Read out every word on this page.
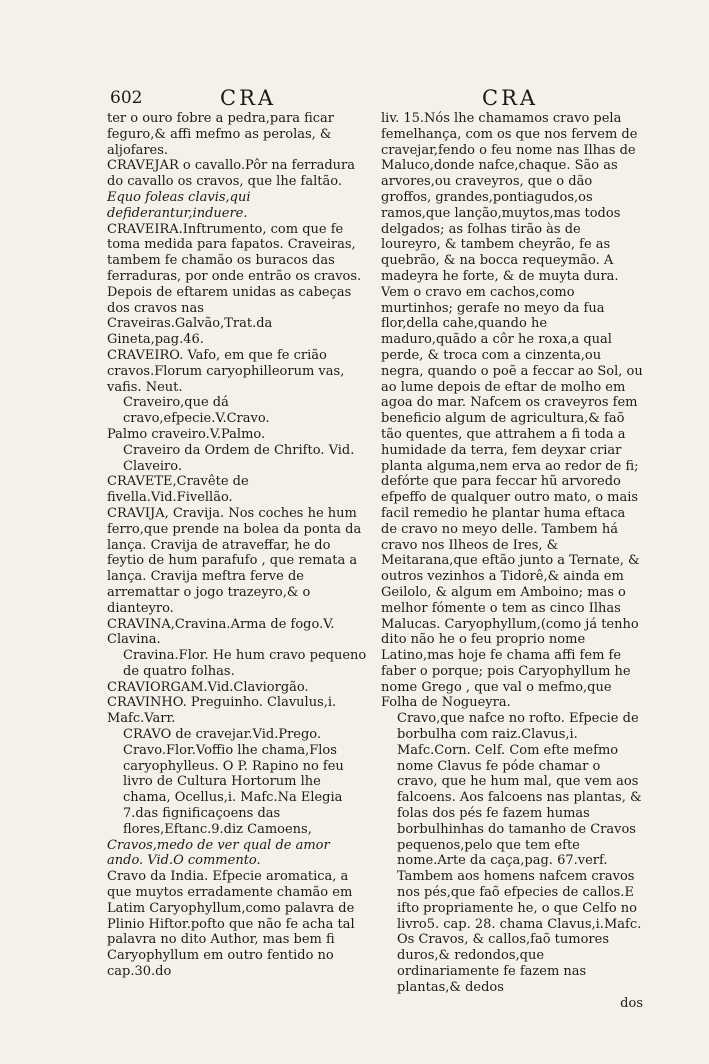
602	CRA	CRA
ter o ouro fobre a pedra,para ficar feguro,& affi mefmo as perolas, & aljofares.
CRAVEJAR o cavallo.Pôr na ferradura do cavallo os cravos, que lhe faltão.
Equo foleas clavis,qui defiderantur,induere.
CRAVEIRA.Inftrumento, com que fe toma medida para fapatos. Craveiras, tambem fe chamão os buracos das ferraduras, por onde entrão os cravos. Depois de eftarem unidas as cabeças dos cravos nas Craveiras.Galvão,Trat.da Gineta,pag.46.
CRAVEIRO. Vafo, em que fe crião cravos.Florum caryophilleorum vas, vafis. Neut.
Craveiro,que dá cravo,efpecie.V.Cravo.
Palmo craveiro.V.Palmo.
Craveiro da Ordem de Chrifto. Vid. Claveiro.
CRAVETE,Cravête de fivella.Vid.Fivellão.
CRAVIJA, Cravija. Nos coches he hum ferro,que prende na bolea da ponta da lança. Cravija de atraveffar, he do feytio de hum parafufo , que remata a lança. Cravija meftra ferve de arremattar o jogo trazeyro,& o dianteyro.
CRAVINA,Cravina.Arma de fogo.V. Clavina.
Cravina.Flor. He hum cravo pequeno de quatro folhas.
CRAVIORGAM.Vid.Claviorgão.
CRAVINHO. Preguinho. Clavulus,i. Mafc.Varr.
CRAVO de cravejar.Vid.Prego.
Cravo.Flor.Voffio lhe chama,Flos caryophylleus. O P. Rapino no feu livro de Cultura Hortorum lhe chama, Ocellus,i. Mafc.Na Elegia 7.das fignificaçoens das flores,Eftanc.9.diz Camoens,
Cravos,medo de ver qual de amor ando. Vid.O commento.
Cravo da India. Efpecie aromatica, a que muytos erradamente chamão em Latim Caryophyllum,como palavra de Plinio Hiftor.pofto que não fe acha tal palavra no dito Author, mas bem fi Caryophyllum em outro fentido no cap.30.do
liv. 15.Nós lhe chamamos cravo pela femelhança, com os que nos fervem de cravejar,fendo o feu nome nas Ilhas de Maluco,donde nafce,chaque. São as arvores,ou craveyros, que o dão groffos, grandes,pontiagudos,os ramos,que lanção,muytos,mas todos delgados; as folhas tirão às de loureyro, & tambem cheyrão, fe as quebrão, & na bocca requeymão. A madeyra he forte, & de muyta dura. Vem o cravo em cachos,como murtinhos; gerafe no meyo da fua flor,della cahe,quando he maduro,quãdo a côr he roxa,a qual perde, & troca com a cinzenta,ou negra, quando o poẽ a feccar ao Sol, ou ao lume depois de eftar de molho em agoa do mar. Nafcem os craveyros fem beneficio algum de agricultura,& faõ tão quentes, que attrahem a fi toda a humidade da terra, fem deyxar criar planta alguma,nem erva ao redor de fi; defórte que para feccar hũ arvoredo efpeffo de qualquer outro mato, o mais facil remedio he plantar huma eftaca de cravo no meyo delle. Tambem há cravo nos Ilheos de Ires, & Meitarana,que eftão junto a Ternate, & outros vezinhos a Tidorê,& ainda em Geilolo, & algum em Amboino; mas o melhor fómente o tem as cinco Ilhas Malucas. Caryophyllum,(como já tenho dito não he o feu proprio nome Latino,mas hoje fe chama affi fem fe faber o porque; pois Caryophyllum he nome Grego , que val o mefmo,que Folha de Nogueyra.
Cravo,que nafce no rofto. Efpecie de borbulha com raiz.Clavus,i. Mafc.Corn. Celf. Com efte mefmo nome Clavus fe póde chamar o cravo, que he hum mal, que vem aos falcoens. Aos falcoens nas plantas, & folas dos pés fe fazem humas borbulhinhas do tamanho de Cravos pequenos,pelo que tem efte nome.Arte da caça,pag. 67.verf. Tambem aos homens nafcem cravos nos pés,que faõ efpecies de callos.E ifto propriamente he, o que Celfo no livro5. cap. 28. chama Clavus,i.Mafc. Os Cravos, & callos,faõ tumores duros,& redondos,que ordinariamente fe fazem nas plantas,& dedos
dos
